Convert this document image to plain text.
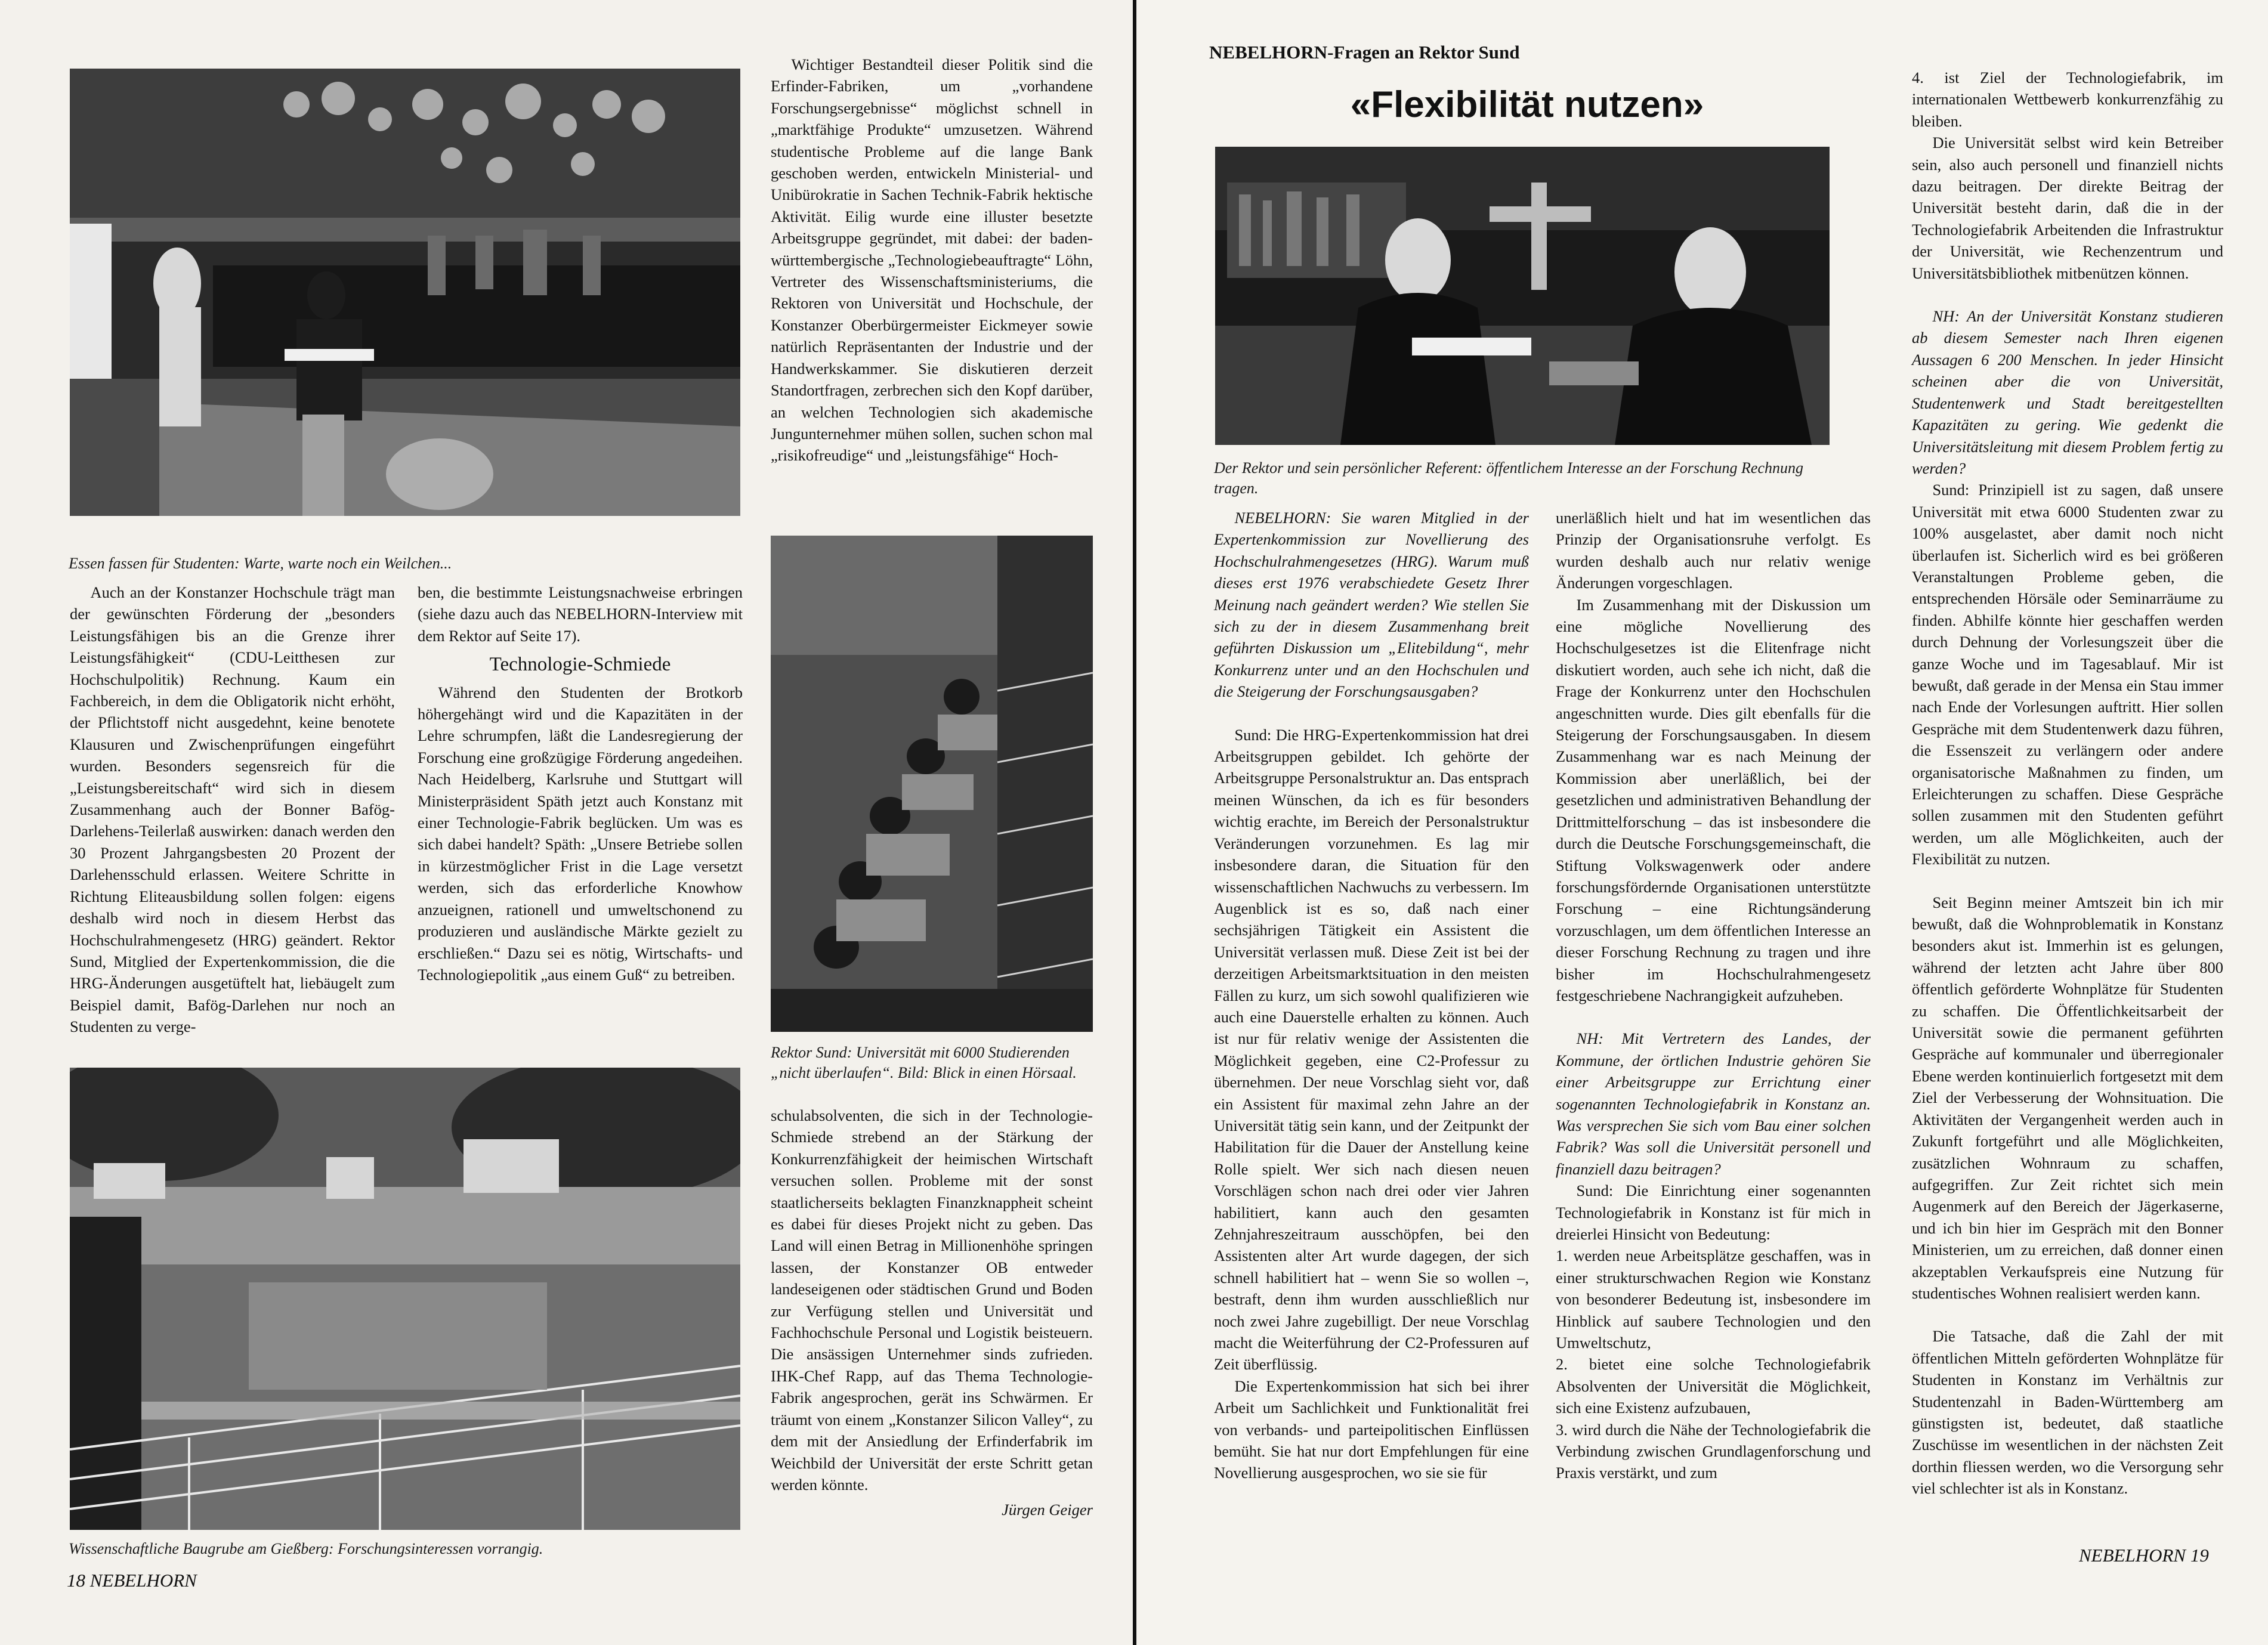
Essen fassen für Studenten: Warte, warte noch ein Weilchen...

Auch an der Konstanzer Hochschule trägt man der gewünschten Förderung der „besonders Leistungsfähigen bis an die Grenze ihrer Leistungsfähigkeit“ (CDU-Leitthesen zur Hochschulpolitik) Rechnung. Kaum ein Fachbereich, in dem die Obligatorik nicht erhöht, der Pflichtstoff nicht ausgedehnt, keine benotete Klausuren und Zwischenprüfungen eingeführt wurden. Besonders segensreich für die „Leistungsbereitschaft“ wird sich in diesem Zusammenhang auch der Bonner Bafög-Darlehens-Teilerlaß auswirken: danach werden den 30 Prozent Jahrgangsbesten 20 Prozent der Darlehensschuld erlassen. Weitere Schritte in Richtung Eliteausbildung sollen folgen: eigens deshalb wird noch in diesem Herbst das Hochschulrahmengesetz (HRG) geändert. Rektor Sund, Mitglied der Expertenkommission, die die HRG-Änderungen ausgetüftelt hat, liebäugelt zum Beispiel damit, Bafög-Darlehen nur noch an Studenten zu verge-

ben, die bestimmte Leistungsnachweise erbringen (siehe dazu auch das NEBELHORN-Interview mit dem Rektor auf Seite 17).

Technologie-Schmiede

Während den Studenten der Brotkorb höhergehängt wird und die Kapazitäten in der Lehre schrumpfen, läßt die Landesregierung der Forschung eine großzügige Förderung angedeihen. Nach Heidelberg, Karlsruhe und Stuttgart will Ministerpräsident Späth jetzt auch Konstanz mit einer Technologie-Fabrik beglücken. Um was es sich dabei handelt? Späth: „Unsere Betriebe sollen in kürzestmöglicher Frist in die Lage versetzt werden, sich das erforderliche Knowhow anzueignen, rationell und umweltschonend zu produzieren und ausländische Märkte gezielt zu erschließen.“ Dazu sei es nötig, Wirtschafts- und Technologiepolitik „aus einem Guß“ zu betreiben.

Wissenschaftliche Baugrube am Gießberg: Forschungsinteressen vorrangig.

Wichtiger Bestandteil dieser Politik sind die Erfinder-Fabriken, um „vorhandene Forschungsergebnisse“ möglichst schnell in „marktfähige Produkte“ umzusetzen. Während studentische Probleme auf die lange Bank geschoben werden, entwickeln Ministerial- und Unibürokratie in Sachen Technik-Fabrik hektische Aktivität. Eilig wurde eine illuster besetzte Arbeitsgruppe gegründet, mit dabei: der baden-württembergische „Technologiebeauftragte“ Löhn, Vertreter des Wissenschaftsministeriums, die Rektoren von Universität und Hochschule, der Konstanzer Oberbürgermeister Eickmeyer sowie natürlich Repräsentanten der Industrie und der Handwerkskammer. Sie diskutieren derzeit Standortfragen, zerbrechen sich den Kopf darüber, an welchen Technologien sich akademische Jungunternehmer mühen sollen, suchen schon mal „risikofreudige“ und „leistungsfähige“ Hoch-

Rektor Sund: Universität mit 6000 Studierenden „nicht überlaufen“. Bild: Blick in einen Hörsaal.

schulabsolventen, die sich in der Technologie-Schmiede strebend an der Stärkung der Konkurrenzfähigkeit der heimischen Wirtschaft versuchen sollen. Probleme mit der sonst staatlicherseits beklagten Finanzknappheit scheint es dabei für dieses Projekt nicht zu geben. Das Land will einen Betrag in Millionenhöhe springen lassen, der Konstanzer OB entweder landeseigenen oder städtischen Grund und Boden zur Verfügung stellen und Universität und Fachhochschule Personal und Logistik beisteuern. Die ansässigen Unternehmer sinds zufrieden. IHK-Chef Rapp, auf das Thema Technologie-Fabrik angesprochen, gerät ins Schwärmen. Er träumt von einem „Konstanzer Silicon Valley“, zu dem mit der Ansiedlung der Erfinderfabrik im Weichbild der Universität der erste Schritt getan werden könnte.

Jürgen Geiger
18 NEBELHORN
NEBELHORN-Fragen an Rektor Sund
«Flexibilität nutzen»
Der Rektor und sein persönlicher Referent: öffentlichem Interesse an der Forschung Rechnung tragen.

NEBELHORN: Sie waren Mitglied in der Expertenkommission zur Novellierung des Hochschulrahmengesetzes (HRG). Warum muß dieses erst 1976 verabschiedete Gesetz Ihrer Meinung nach geändert werden? Wie stellen Sie sich zu der in diesem Zusammenhang breit geführten Diskussion um „Elitebildung“, mehr Konkurrenz unter und an den Hochschulen und die Steigerung der Forschungsausgaben?

Sund: Die HRG-Expertenkommission hat drei Arbeitsgruppen gebildet. Ich gehörte der Arbeitsgruppe Personalstruktur an. Das entsprach meinen Wünschen, da ich es für besonders wichtig erachte, im Bereich der Personalstruktur Veränderungen vorzunehmen. Es lag mir insbesondere daran, die Situation für den wissenschaftlichen Nachwuchs zu verbessern. Im Augenblick ist es so, daß nach einer sechsjährigen Tätigkeit ein Assistent die Universität verlassen muß. Diese Zeit ist bei der derzeitigen Arbeitsmarktsituation in den meisten Fällen zu kurz, um sich sowohl qualifizieren wie auch eine Dauerstelle erhalten zu können. Auch ist nur für relativ wenige der Assistenten die Möglichkeit gegeben, eine C2-Professur zu übernehmen. Der neue Vorschlag sieht vor, daß ein Assistent für maximal zehn Jahre an der Universität tätig sein kann, und der Zeitpunkt der Habilitation für die Dauer der Anstellung keine Rolle spielt. Wer sich nach diesen neuen Vorschlägen schon nach drei oder vier Jahren habilitiert, kann auch den gesamten Zehnjahreszeitraum ausschöpfen, bei den Assistenten alter Art wurde dagegen, der sich schnell habilitiert hat – wenn Sie so wollen –, bestraft, denn ihm wurden ausschließlich nur noch zwei Jahre zugebilligt. Der neue Vorschlag macht die Weiterführung der C2-Professuren auf Zeit überflüssig.

Die Expertenkommission hat sich bei ihrer Arbeit um Sachlichkeit und Funktionalität frei von verbands- und parteipolitischen Einflüssen bemüht. Sie hat nur dort Empfehlungen für eine Novellierung ausgesprochen, wo sie sie für

unerläßlich hielt und hat im wesentlichen das Prinzip der Organisationsruhe verfolgt. Es wurden deshalb auch nur relativ wenige Änderungen vorgeschlagen.

Im Zusammenhang mit der Diskussion um eine mögliche Novellierung des Hochschulgesetzes ist die Elitenfrage nicht diskutiert worden, auch sehe ich nicht, daß die Frage der Konkurrenz unter den Hochschulen angeschnitten wurde. Dies gilt ebenfalls für die Steigerung der Forschungsausgaben. In diesem Zusammenhang war es nach Meinung der Kommission aber unerläßlich, bei der gesetzlichen und administrativen Behandlung der Drittmittelforschung – das ist insbesondere die durch die Deutsche Forschungsgemeinschaft, die Stiftung Volkswagenwerk oder andere forschungsfördernde Organisationen unterstützte Forschung – eine Richtungsänderung vorzuschlagen, um dem öffentlichen Interesse an dieser Forschung Rechnung zu tragen und ihre bisher im Hochschulrahmengesetz festgeschriebene Nachrangigkeit aufzuheben.

NH: Mit Vertretern des Landes, der Kommune, der örtlichen Industrie gehören Sie einer Arbeitsgruppe zur Errichtung einer sogenannten Technologiefabrik in Konstanz an. Was versprechen Sie sich vom Bau einer solchen Fabrik? Was soll die Universität personell und finanziell dazu beitragen?

Sund: Die Einrichtung einer sogenannten Technologiefabrik in Konstanz ist für mich in dreierlei Hinsicht von Bedeutung:

1. werden neue Arbeitsplätze geschaffen, was in einer strukturschwachen Region wie Konstanz von besonderer Bedeutung ist, insbesondere im Hinblick auf saubere Technologien und den Umweltschutz,

2. bietet eine solche Technologiefabrik Absolventen der Universität die Möglichkeit, sich eine Existenz aufzubauen,

3. wird durch die Nähe der Technologiefabrik die Verbindung zwischen Grundlagenforschung und Praxis verstärkt, und zum

4. ist Ziel der Technologiefabrik, im internationalen Wettbewerb konkurrenzfähig zu bleiben.

Die Universität selbst wird kein Betreiber sein, also auch personell und finanziell nichts dazu beitragen. Der direkte Beitrag der Universität besteht darin, daß die in der Technologiefabrik Arbeitenden die Infrastruktur der Universität, wie Rechenzentrum und Universitätsbibliothek mitbenützen können.

NH: An der Universität Konstanz studieren ab diesem Semester nach Ihren eigenen Aussagen 6 200 Menschen. In jeder Hinsicht scheinen aber die von Universität, Studentenwerk und Stadt bereitgestellten Kapazitäten zu gering. Wie gedenkt die Universitätsleitung mit diesem Problem fertig zu werden?

Sund: Prinzipiell ist zu sagen, daß unsere Universität mit etwa 6000 Studenten zwar zu 100% ausgelastet, aber damit noch nicht überlaufen ist. Sicherlich wird es bei größeren Veranstaltungen Probleme geben, die entsprechenden Hörsäle oder Seminarräume zu finden. Abhilfe könnte hier geschaffen werden durch Dehnung der Vorlesungszeit über die ganze Woche und im Tagesablauf. Mir ist bewußt, daß gerade in der Mensa ein Stau immer nach Ende der Vorlesungen auftritt. Hier sollen Gespräche mit dem Studentenwerk dazu führen, die Essenszeit zu verlängern oder andere organisatorische Maßnahmen zu finden, um Erleichterungen zu schaffen. Diese Gespräche sollen zusammen mit den Studenten geführt werden, um alle Möglichkeiten, auch der Flexibilität zu nutzen.

Seit Beginn meiner Amtszeit bin ich mir bewußt, daß die Wohnproblematik in Konstanz besonders akut ist. Immerhin ist es gelungen, während der letzten acht Jahre über 800 öffentlich geförderte Wohnplätze für Studenten zu schaffen. Die Öffentlichkeitsarbeit der Universität sowie die permanent geführten Gespräche auf kommunaler und überregionaler Ebene werden kontinuierlich fortgesetzt mit dem Ziel der Verbesserung der Wohnsituation. Die Aktivitäten der Vergangenheit werden auch in Zukunft fortgeführt und alle Möglichkeiten, zusätzlichen Wohnraum zu schaffen, aufgegriffen. Zur Zeit richtet sich mein Augenmerk auf den Bereich der Jägerkaserne, und ich bin hier im Gespräch mit den Bonner Ministerien, um zu erreichen, daß donner einen akzeptablen Verkaufspreis eine Nutzung für studentisches Wohnen realisiert werden kann.

Die Tatsache, daß die Zahl der mit öffentlichen Mitteln geförderten Wohnplätze für Studenten in Konstanz im Verhältnis zur Studentenzahl in Baden-Württemberg am günstigsten ist, bedeutet, daß staatliche Zuschüsse im wesentlichen in der nächsten Zeit dorthin fliessen werden, wo die Versorgung sehr viel schlechter ist als in Konstanz.

NEBELHORN 19
